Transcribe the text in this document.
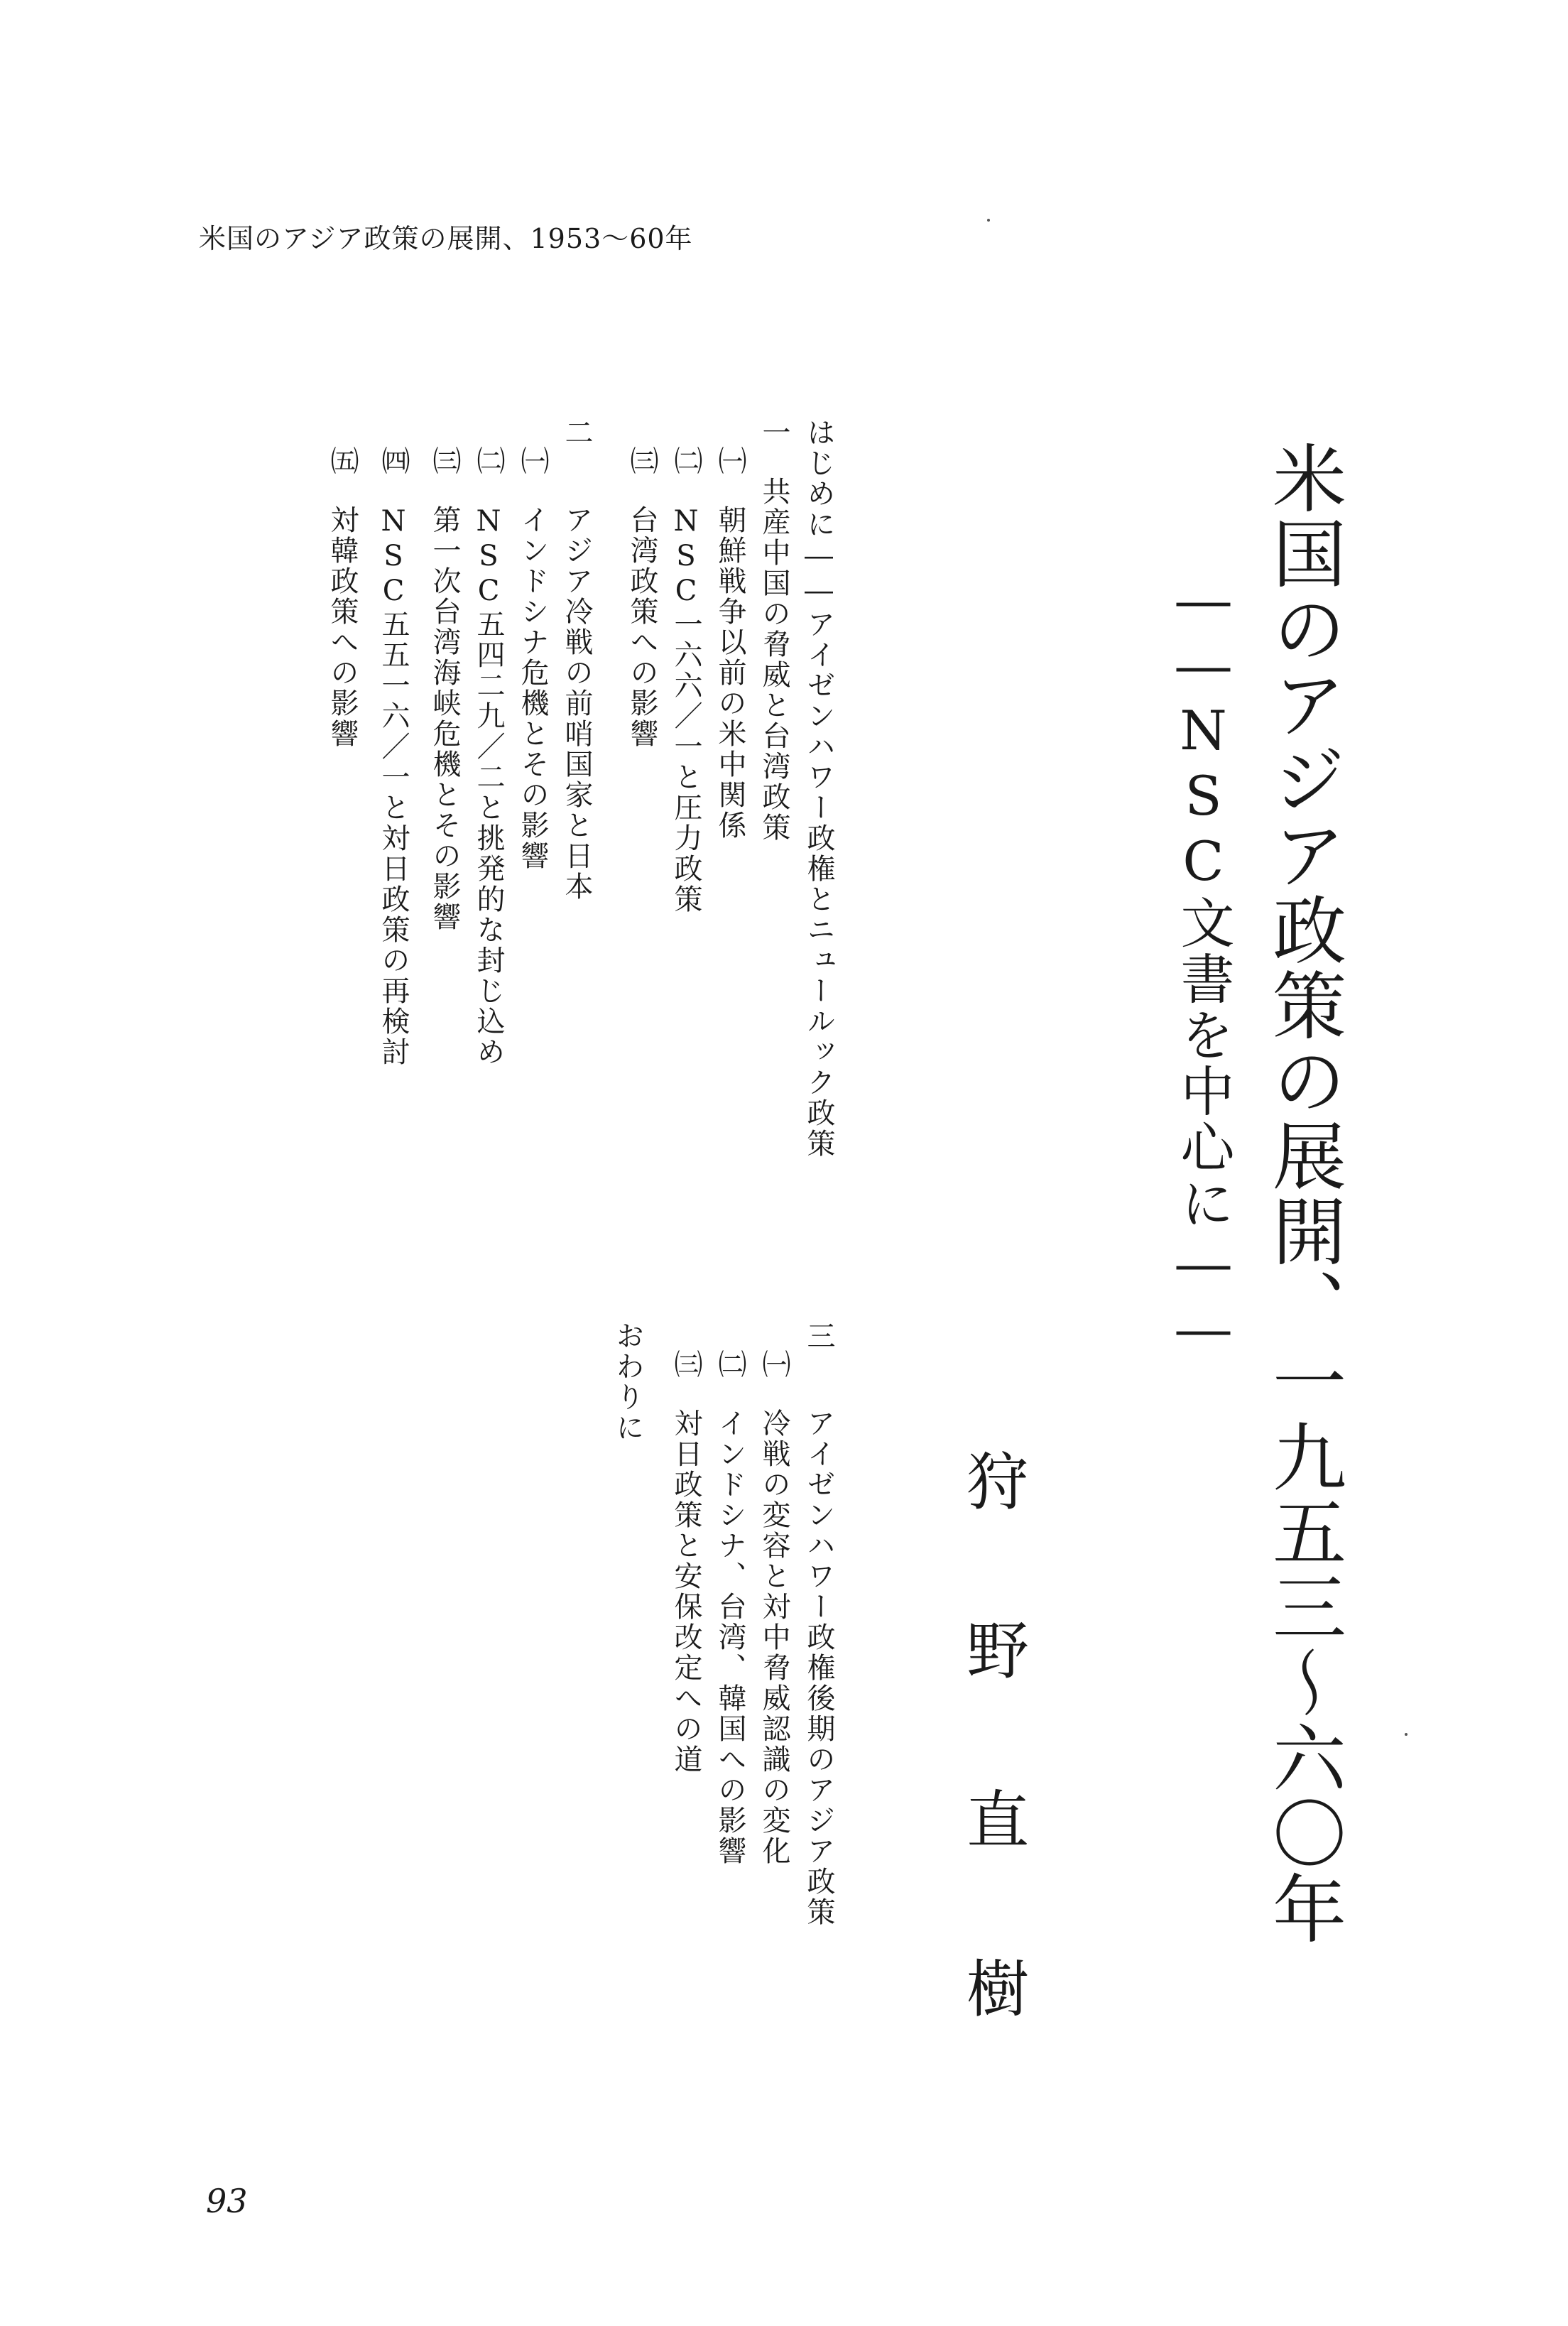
米国のアジア政策の展開、1953～60年
米国のアジア政策の展開、一九五三～六〇年
――NSC文書を中心に――
狩野直樹
はじめに――アイゼンハワー政権とニュールック政策
一共産中国の脅威と台湾政策
㈠朝鮮戦争以前の米中関係
㈡NSC一六六／一と圧力政策
㈢台湾政策への影響
二アジア冷戦の前哨国家と日本
㈠インドシナ危機とその影響
㈡NSC五四二九／二と挑発的な封じ込め
㈢第一次台湾海峡危機とその影響
㈣NSC五五一六／一と対日政策の再検討
㈤対韓政策への影響
三アイゼンハワー政権後期のアジア政策
㈠冷戦の変容と対中脅威認識の変化
㈡インドシナ、台湾、韓国への影響
㈢対日政策と安保改定への道
おわりに
93
